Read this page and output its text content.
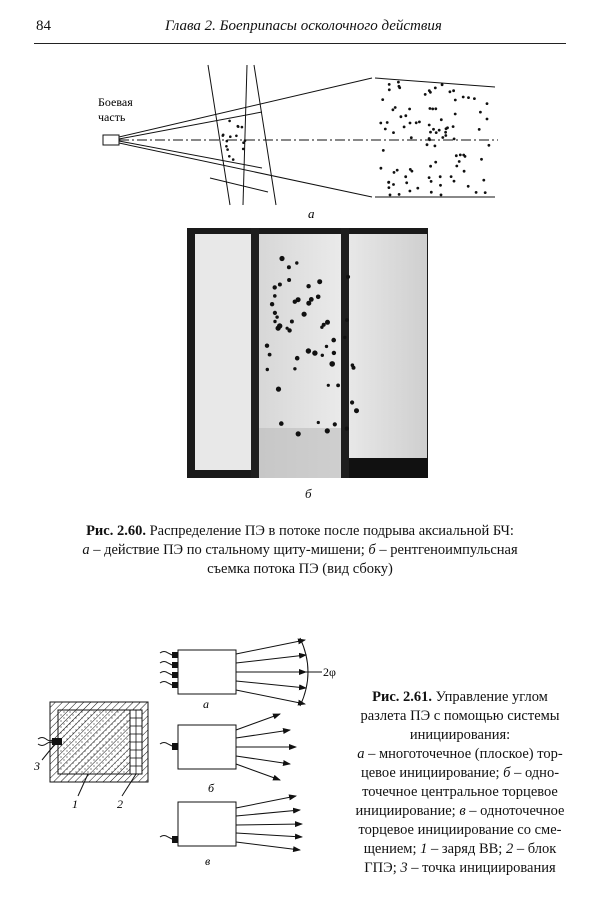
84	Глава 2. Боеприпасы осколочного действия
Боевая
часть
а
б
Рис. 2.60. Распределение ПЭ в потоке после подрыва аксиальной БЧ:
а – действие ПЭ по стальному щиту-мишени; б – рентгеноимпульсная
съемка потока ПЭ (вид сбоку)
3
1	2
2φ
а
б
в
Рис. 2.61. Управление углом
разлета ПЭ с помощью системы
инициирования:
а – многоточечное (плоское) тор-
цевое инициирование; б – одно-
точечное центральное торцевое
инициирование; в – одноточечное
торцевое инициирование со сме-
щением; 1 – заряд ВВ; 2 – блок
ГПЭ; 3 – точка инициирования
